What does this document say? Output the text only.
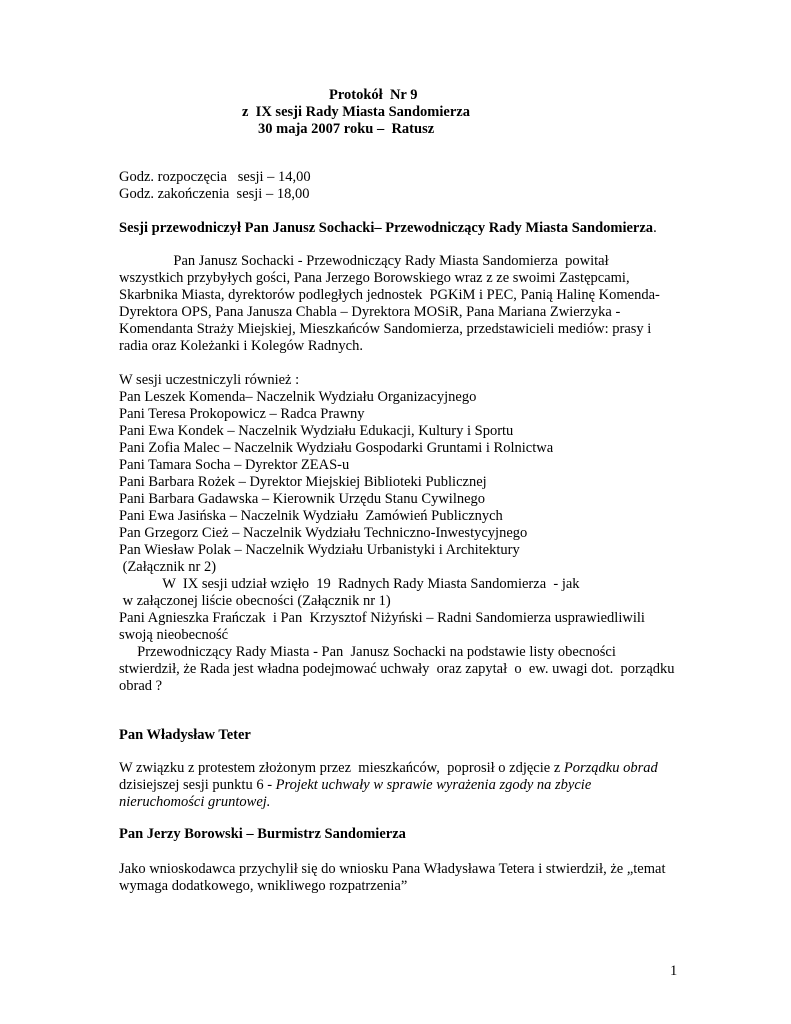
Protokół  Nr 9
z  IX sesji Rady Miasta Sandomierza
30 maja 2007 roku –  Ratusz
Godz. rozpoczęcia   sesji – 14,00
Godz. zakończenia  sesji – 18,00
Sesji przewodniczył Pan Janusz Sochacki– Przewodniczący Rady Miasta Sandomierza.
Pan Janusz Sochacki - Przewodniczący Rady Miasta Sandomierza  powitał
wszystkich przybyłych gości, Pana Jerzego Borowskiego wraz z ze swoimi Zastępcami,
Skarbnika Miasta, dyrektorów podległych jednostek  PGKiM i PEC, Panią Halinę Komenda-
Dyrektora OPS, Pana Janusza Chabla – Dyrektora MOSiR, Pana Mariana Zwierzyka -
Komendanta Straży Miejskiej, Mieszkańców Sandomierza, przedstawicieli mediów: prasy i
radia oraz Koleżanki i Kolegów Radnych.
W sesji uczestniczyli również :
Pan Leszek Komenda– Naczelnik Wydziału Organizacyjnego
Pani Teresa Prokopowicz – Radca Prawny
Pani Ewa Kondek – Naczelnik Wydziału Edukacji, Kultury i Sportu
Pani Zofia Malec – Naczelnik Wydziału Gospodarki Gruntami i Rolnictwa
Pani Tamara Socha – Dyrektor ZEAS-u
Pani Barbara Rożek – Dyrektor Miejskiej Biblioteki Publicznej
Pani Barbara Gadawska – Kierownik Urzędu Stanu Cywilnego
Pani Ewa Jasińska – Naczelnik Wydziału  Zamówień Publicznych
Pan Grzegorz Cież – Naczelnik Wydziału Techniczno-Inwestycyjnego
Pan Wiesław Polak – Naczelnik Wydziału Urbanistyki i Architektury
(Załącznik nr 2)
W  IX sesji udział wzięło  19  Radnych Rady Miasta Sandomierza  - jak
w załączonej liście obecności (Załącznik nr 1)
Pani Agnieszka Frańczak  i Pan  Krzysztof Niżyński – Radni Sandomierza usprawiedliwili
swoją nieobecność
Przewodniczący Rady Miasta - Pan  Janusz Sochacki na podstawie listy obecności
stwierdził, że Rada jest władna podejmować uchwały  oraz zapytał  o  ew. uwagi dot.  porządku
obrad ?
Pan Władysław Teter
W związku z protestem złożonym przez  mieszkańców,  poprosił o zdjęcie z Porządku obrad
dzisiejszej sesji punktu 6 - Projekt uchwały w sprawie wyrażenia zgody na zbycie
nieruchomości gruntowej.
Pan Jerzy Borowski – Burmistrz Sandomierza
Jako wnioskodawca przychylił się do wniosku Pana Władysława Tetera i stwierdził, że „temat
wymaga dodatkowego, wnikliwego rozpatrzenia”
1
